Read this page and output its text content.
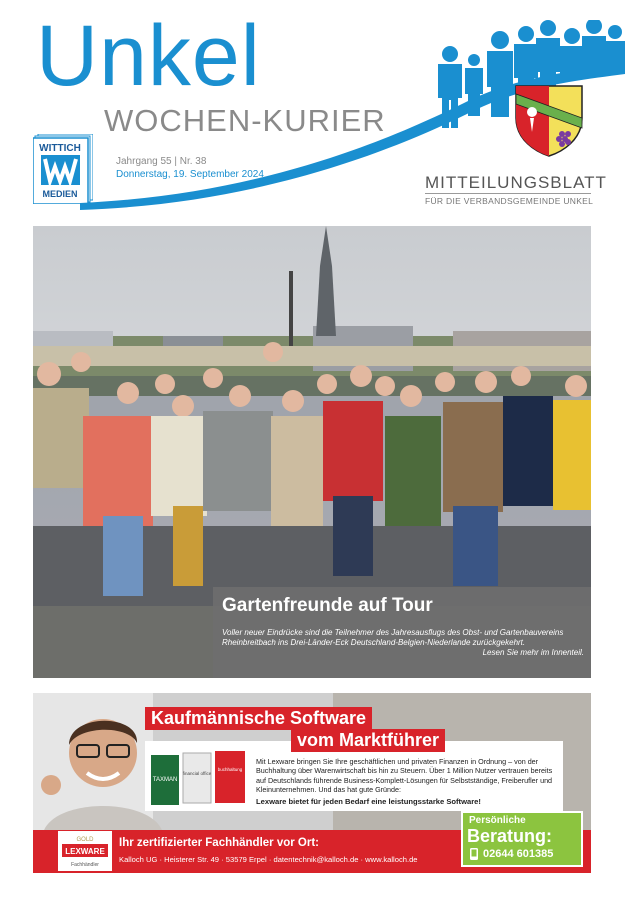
Unkel
WOCHEN-KURIER
Jahrgang 55 | Nr. 38
Donnerstag, 19. September 2024
WITTICH
MEDIEN
MITTEILUNGSBLATT
FÜR DIE VERBANDSGEMEINDE UNKEL
Gartenfreunde auf Tour
Voller neuer Eindrücke sind die Teilnehmer des Jahresausflugs des Obst- und Gartenbauvereins Rheinbreitbach ins Drei-Länder-Eck Deutschland-Belgien-Niederlande zurückgekehrt.
Lesen Sie mehr im Innenteil.
TAXMAN
financial office
buchhaltung
Kaufmännische Software
vom Marktführer
Mit Lexware bringen Sie Ihre geschäftlichen und privaten Finanzen in Ordnung – von der Buchhaltung über Warenwirtschaft bis hin zu Steuern. Über 1 Million Nutzer vertrauen bereits auf Deutschlands führende Business-Komplett-Lösungen für Selbstständige, Freiberufler und Kleinunternehmen. Und das hat gute Gründe:
Lexware bietet für jeden Bedarf eine leistungsstarke Software!
GOLD
LEXWARE
Fachhändler
Ihr zertifizierter Fachhändler vor Ort:
Kalloch UG · Heisterer Str. 49 · 53579 Erpel · datentechnik@kalloch.de · www.kalloch.de
Persönliche
Beratung:
02644 601385
